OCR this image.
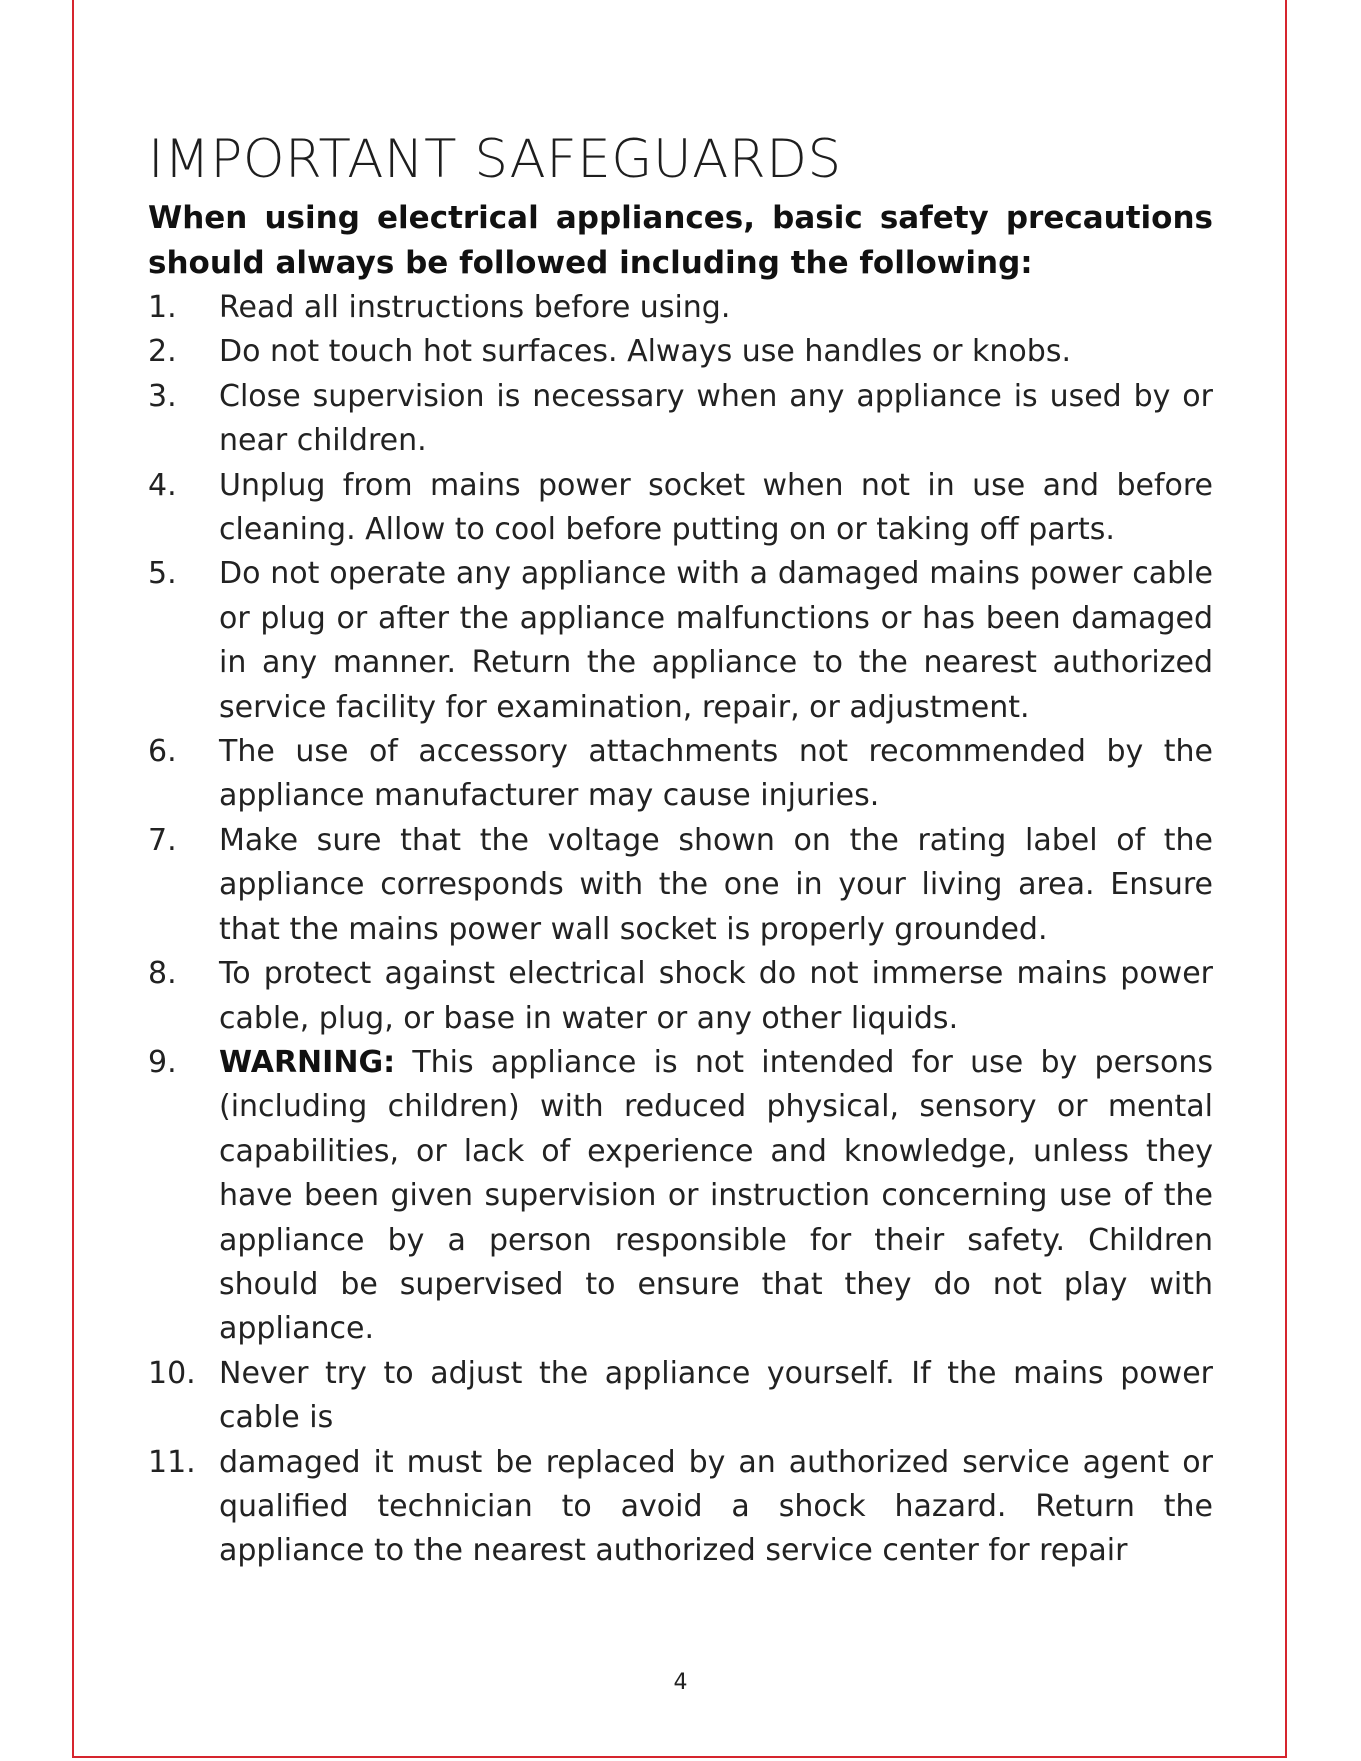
IMPORTANT SAFEGUARDS

When using electrical appliances, basic safety precautions should always be followed including the following:

1. Read all instructions before using.
2. Do not touch hot surfaces. Always use handles or knobs.
3. Close supervision is necessary when any appliance is used by or near children.
4. Unplug from mains power socket when not in use and before cleaning. Allow to cool before putting on or taking off parts.
5. Do not operate any appliance with a damaged mains power cable or plug or after the appliance malfunctions or has been damaged in any manner. Return the appliance to the nearest authorized service facility for examination, repair, or adjustment.
6. The use of accessory attachments not recommended by the appliance manufacturer may cause injuries.
7. Make sure that the voltage shown on the rating label of the appliance corresponds with the one in your living area. Ensure that the mains power wall socket is properly grounded.
8. To protect against electrical shock do not immerse mains power cable, plug, or base in water or any other liquids.
9. WARNING: This appliance is not intended for use by persons (including children) with reduced physical, sensory or mental capabilities, or lack of experience and knowledge, unless they have been given supervision or instruction concerning use of the appliance by a person responsible for their safety. Children should be supervised to ensure that they do not play with appliance.
10. Never try to adjust the appliance yourself. If the mains power cable is
11. damaged it must be replaced by an authorized service agent or qualified technician to avoid a shock hazard. Return the appliance to the nearest authorized service center for repair
4
